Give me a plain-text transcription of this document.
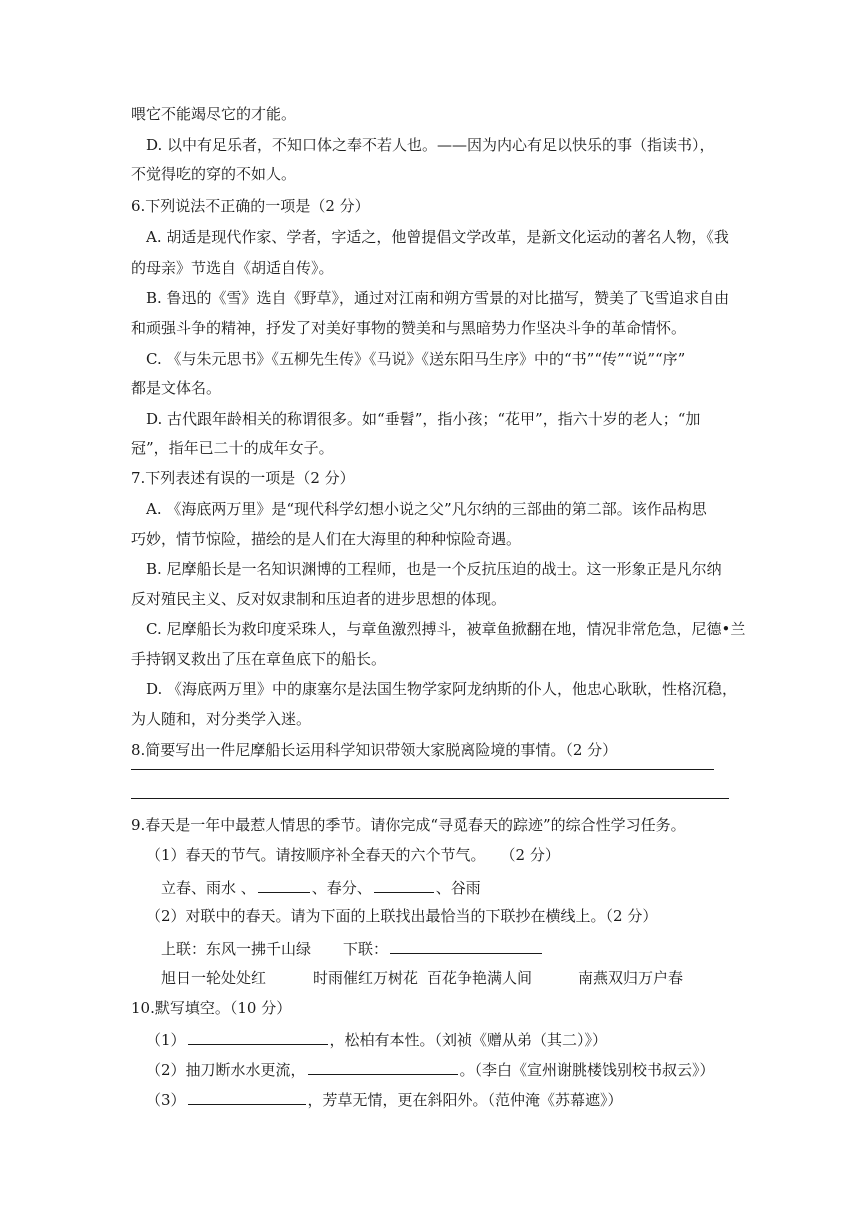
喂它不能竭尽它的才能。
D. 以中有足乐者，不知口体之奉不若人也。——因为内心有足以快乐的事（指读书），
不觉得吃的穿的不如人。
6.下列说法不正确的一项是（2 分）
A. 胡适是现代作家、学者，字适之，他曾提倡文学改革，是新文化运动的著名人物，《我
的母亲》节选自《胡适自传》。
B. 鲁迅的《雪》选自《野草》，通过对江南和朔方雪景的对比描写，赞美了飞雪追求自由
和顽强斗争的精神，抒发了对美好事物的赞美和与黑暗势力作坚决斗争的革命情怀。
C. 《与朱元思书》《五柳先生传》《马说》《送东阳马生序》中的“书”“传”“说”“序”
都是文体名。
D. 古代跟年龄相关的称谓很多。如“垂髫”，指小孩；“花甲”，指六十岁的老人；“加
冠”，指年已二十的成年女子。
7.下列表述有误的一项是（2 分）
A. 《海底两万里》是“现代科学幻想小说之父”凡尔纳的三部曲的第二部。该作品构思
巧妙，情节惊险，描绘的是人们在大海里的种种惊险奇遇。
B. 尼摩船长是一名知识渊博的工程师，也是一个反抗压迫的战士。这一形象正是凡尔纳
反对殖民主义、反对奴隶制和压迫者的进步思想的体现。
C. 尼摩船长为救印度采珠人，与章鱼激烈搏斗，被章鱼掀翻在地，情况非常危急，尼德•兰
手持钢叉救出了压在章鱼底下的船长。
D. 《海底两万里》中的康塞尔是法国生物学家阿龙纳斯的仆人，他忠心耿耿，性格沉稳，
为人随和，对分类学入迷。
8.简要写出一件尼摩船长运用科学知识带领大家脱离险境的事情。（2 分）
9.春天是一年中最惹人情思的季节。请你完成“寻觅春天的踪迹”的综合性学习任务。
（1）春天的节气。请按顺序补全春天的六个节气。　　（2 分）
立春、雨水 、	、春分、	、谷雨
（2）对联中的春天。请为下面的上联找出最恰当的下联抄在横线上。（2 分）
上联：东风一拂千山绿 下联：
旭日一轮处处红	时雨催红万树花 百花争艳满人间	南燕双归万户春
10.默写填空。（10 分）
（1）	，松柏有本性。（刘祯《赠从弟（其二）》）
（2）抽刀断水水更流，	。（李白《宣州谢朓楼饯别校书叔云》）
（3）	，芳草无情，更在斜阳外。（范仲淹《苏幕遮》）
